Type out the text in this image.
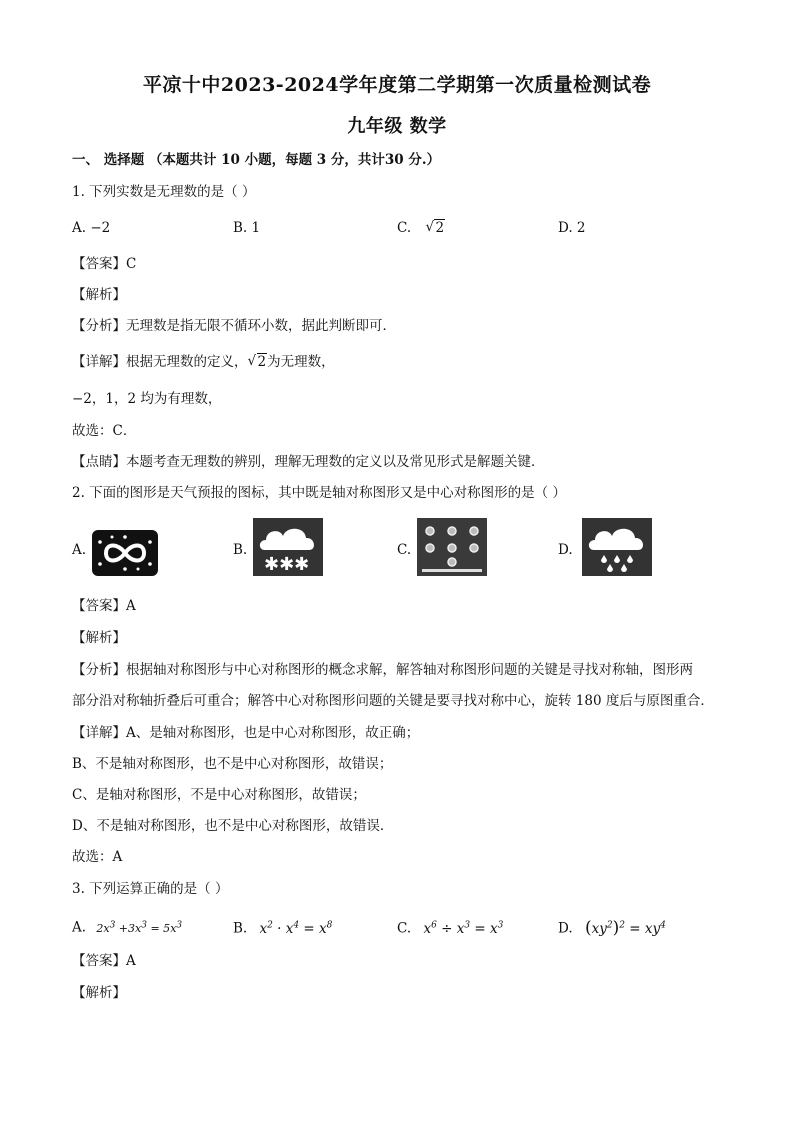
平凉十中2023-2024学年度第二学期第一次质量检测试卷
九年级 数学
一、 选择题 （本题共计 10 小题，每题 3 分，共计30 分.）
1. 下列实数是无理数的是（ ）
A. −2	B. 1	C. √ 2	D. 2
【答案】C
【解析】
【分析】无理数是指无限不循环小数，据此判断即可．
【详解】根据无理数的定义， √ 2为无理数，
−2，1，2 均为有理数，
故选：C．
【点睛】本题考查无理数的辨别，理解无理数的定义以及常见形式是解题关键．
2. 下面的图形是天气预报的图标，其中既是轴对称图形又是中心对称图形的是（ ）
A.	B.
✱✱✱
C.	D.
【答案】A
【解析】
【分析】根据轴对称图形与中心对称图形的概念求解，解答轴对称图形问题的关键是寻找对称轴，图形两
部分沿对称轴折叠后可重合；解答中心对称图形问题的关键是要寻找对称中心，旋转 180 度后与原图重合．
【详解】A、是轴对称图形，也是中心对称图形，故正确；
B、不是轴对称图形，也不是中心对称图形，故错误；
C、是轴对称图形，不是中心对称图形，故错误；
D、不是轴对称图形，也不是中心对称图形，故错误．
故选：A
3. 下列运算正确的是（ ）
A. $2x^3 +3x^3 = 5x^3$	B. $x^2 \cdot x^4 = x^8$	C. $x^6 \div x^3 = x^3$	D. $(xy^2)^2 = xy^4$
【答案】A
【解析】
